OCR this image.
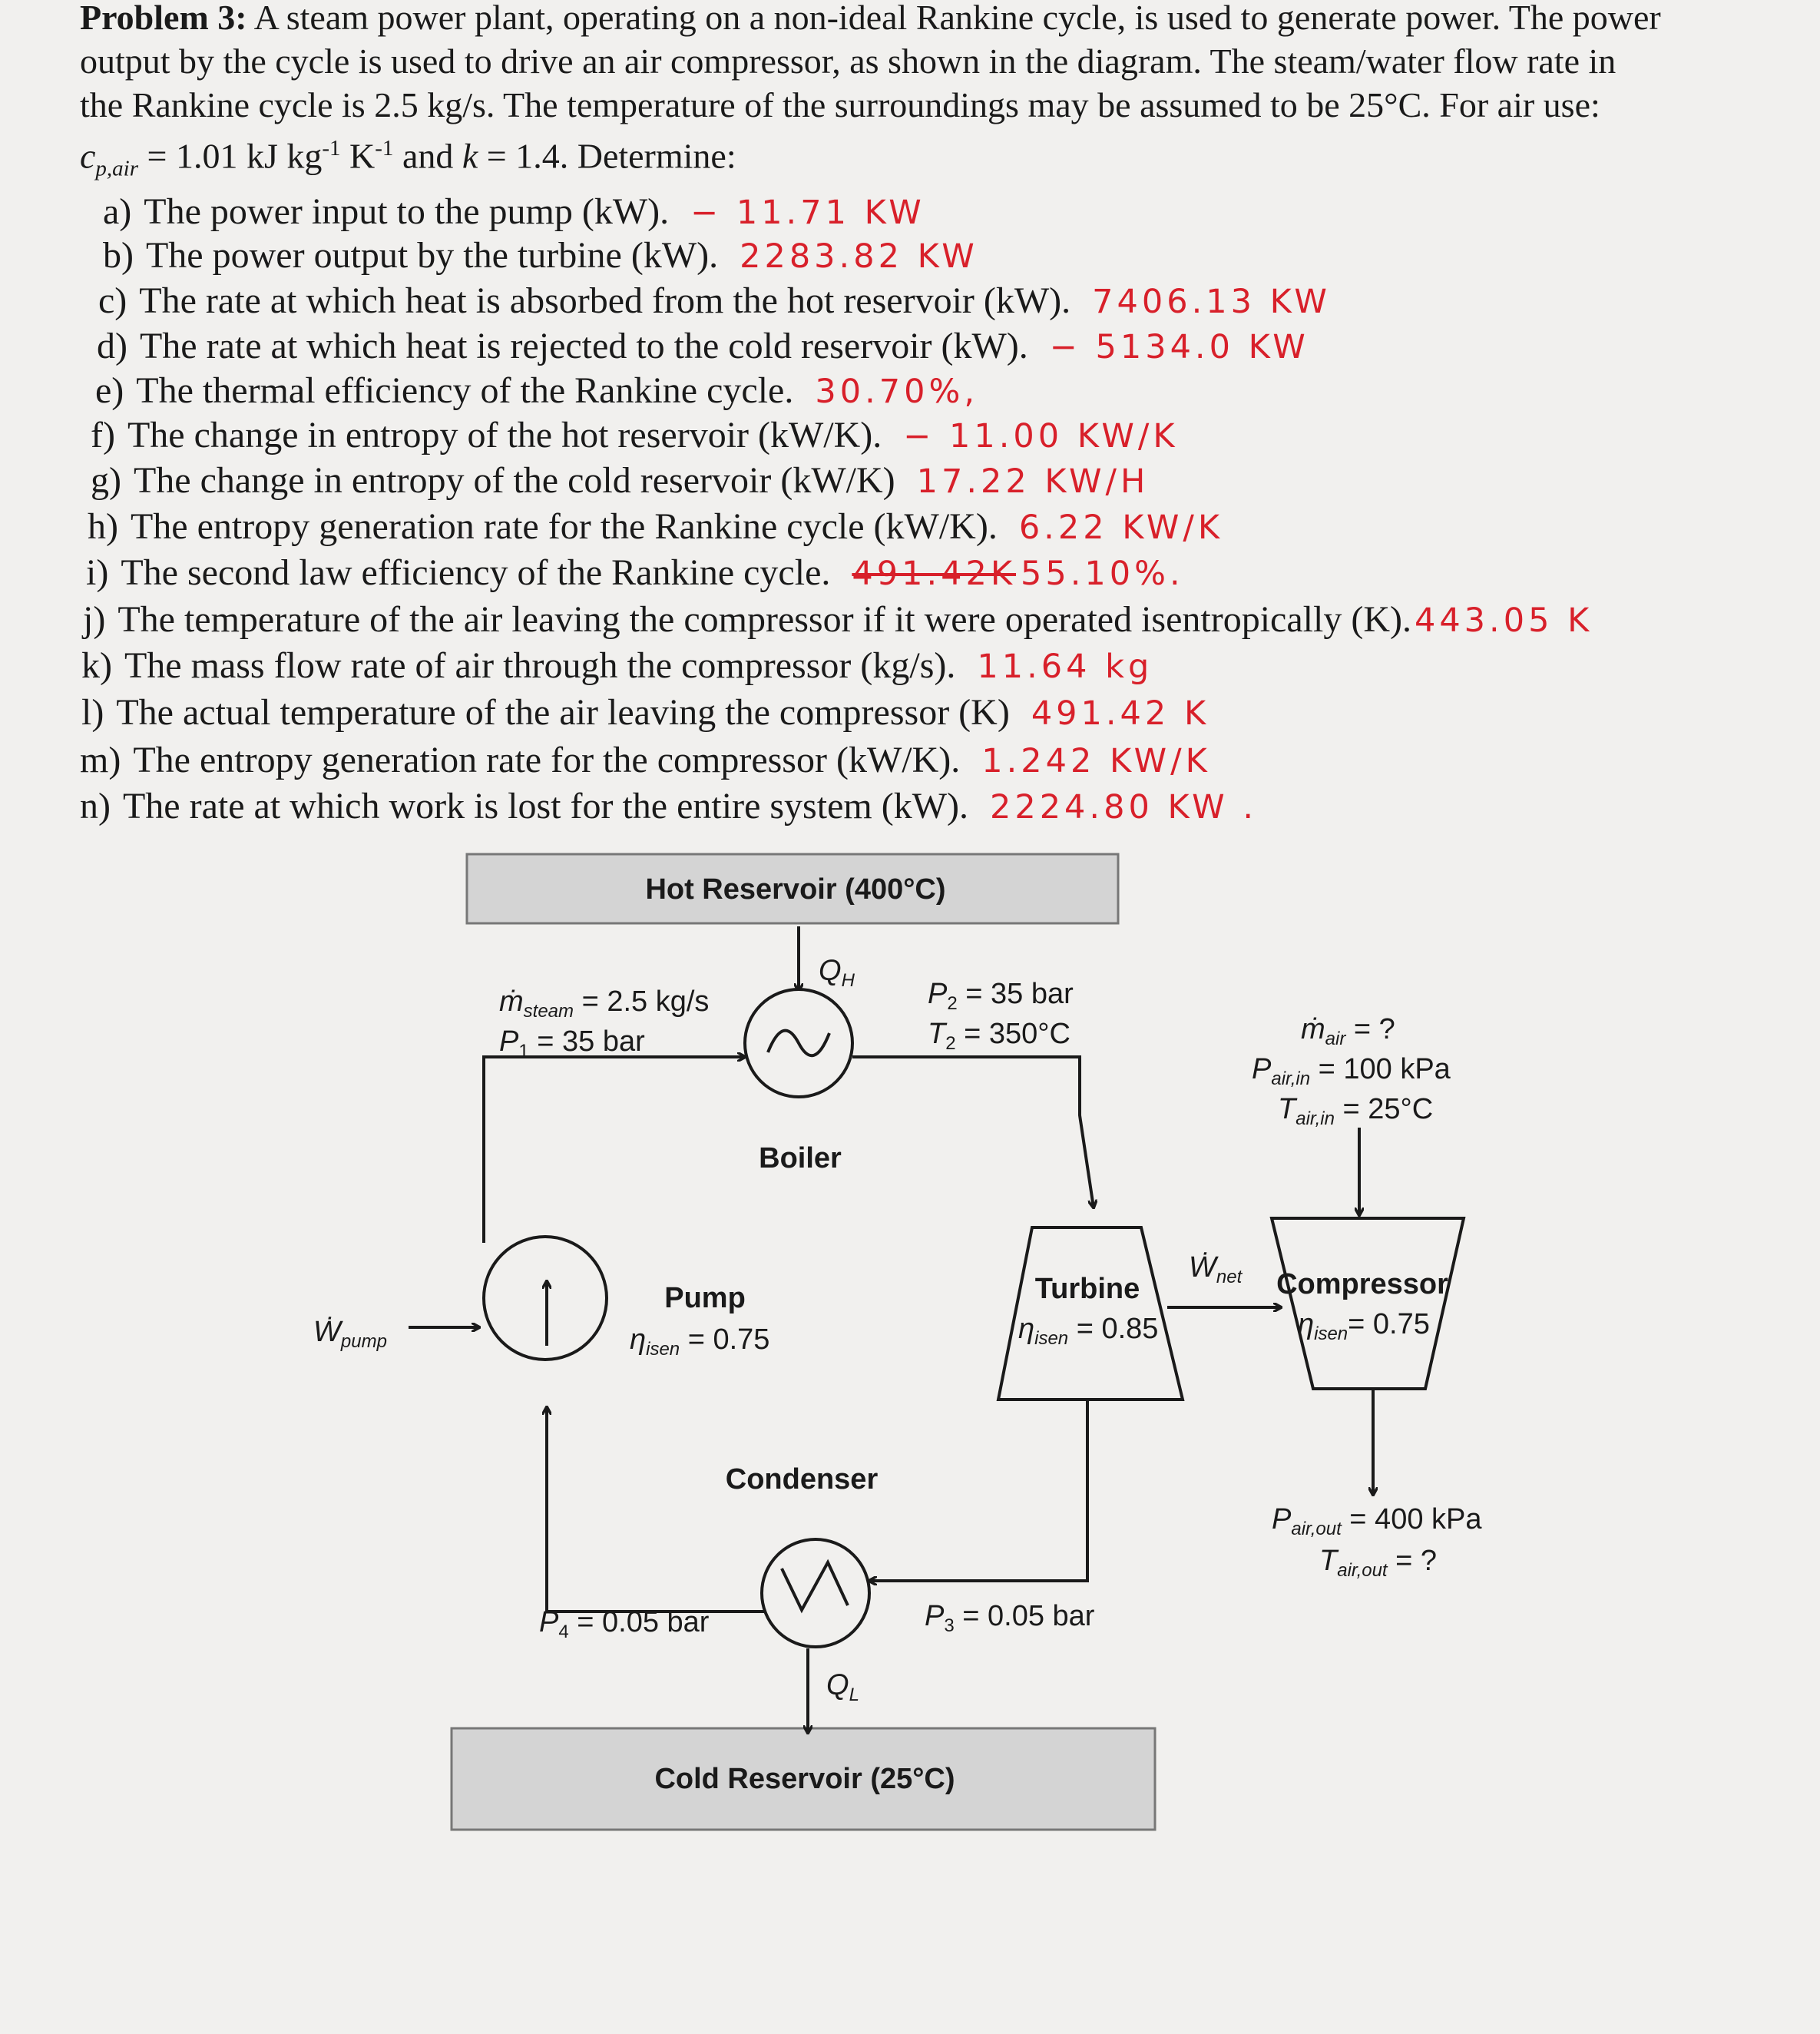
Problem 3: A steam power plant, operating on a non-ideal Rankine cycle, is used to generate power. The power output by the cycle is used to drive an air compressor, as shown in the diagram. The steam/water flow rate in the Rankine cycle is 2.5 kg/s. The temperature of the surroundings may be assumed to be 25°C. For air use: $c_{p,air} = 1.01$ kJ $kg^{-1}$ $K^{-1}$ and k = 1.4. Determine:
a) The power input to the pump (kW). − 11.71 KW
b) The power output by the turbine (kW). 2283.82 KW
c) The rate at which heat is absorbed from the hot reservoir (kW). 7406.13 KW
d) The rate at which heat is rejected to the cold reservoir (kW). − 5134.0 KW
e) The thermal efficiency of the Rankine cycle. 30.70%,
f) The change in entropy of the hot reservoir (kW/K). − 11.00 KW/K
g) The change in entropy of the cold reservoir (kW/K) 17.22 KW/H
h) The entropy generation rate for the Rankine cycle (kW/K). 6.22 KW/K
i) The second law efficiency of the Rankine cycle. 491.42K 55.10%.
j) The temperature of the air leaving the compressor if it were operated isentropically (K).443.05 K
k) The mass flow rate of air through the compressor (kg/s). 11.64 kg
l) The actual temperature of the air leaving the compressor (K) 491.42 K
m) The entropy generation rate for the compressor (kW/K). 1.242 KW/K
n) The rate at which work is lost for the entire system (kW). 2224.80 KW .
Hot Reservoir (400°C)
Cold Reservoir (25°C)
$Q_H$
Boiler
Pump
$\eta_{isen} = 0.75$
Ẇ$_{pump}$
ṁ$_{steam}$ = 2.5 kg/s
$P_1 = 35$ bar
$P_2 = 35$ bar
$T_2 = 350^\circ C$
Turbine
$\eta_{isen} = 0.85$
Ẇ$_{net}$ Compressor
$\eta_{isen}= 0.75$
ṁ$_{air}$ = ?
$P_{air,in} = 100$ kPa
$T_{air,in} = 25^\circ C$
$P_{air,out} = 400$ kPa
$T_{air,out}$ = ?
Condenser
$P_4 = 0.05$ bar	$P_3 = 0.05$ bar
$Q_L$
